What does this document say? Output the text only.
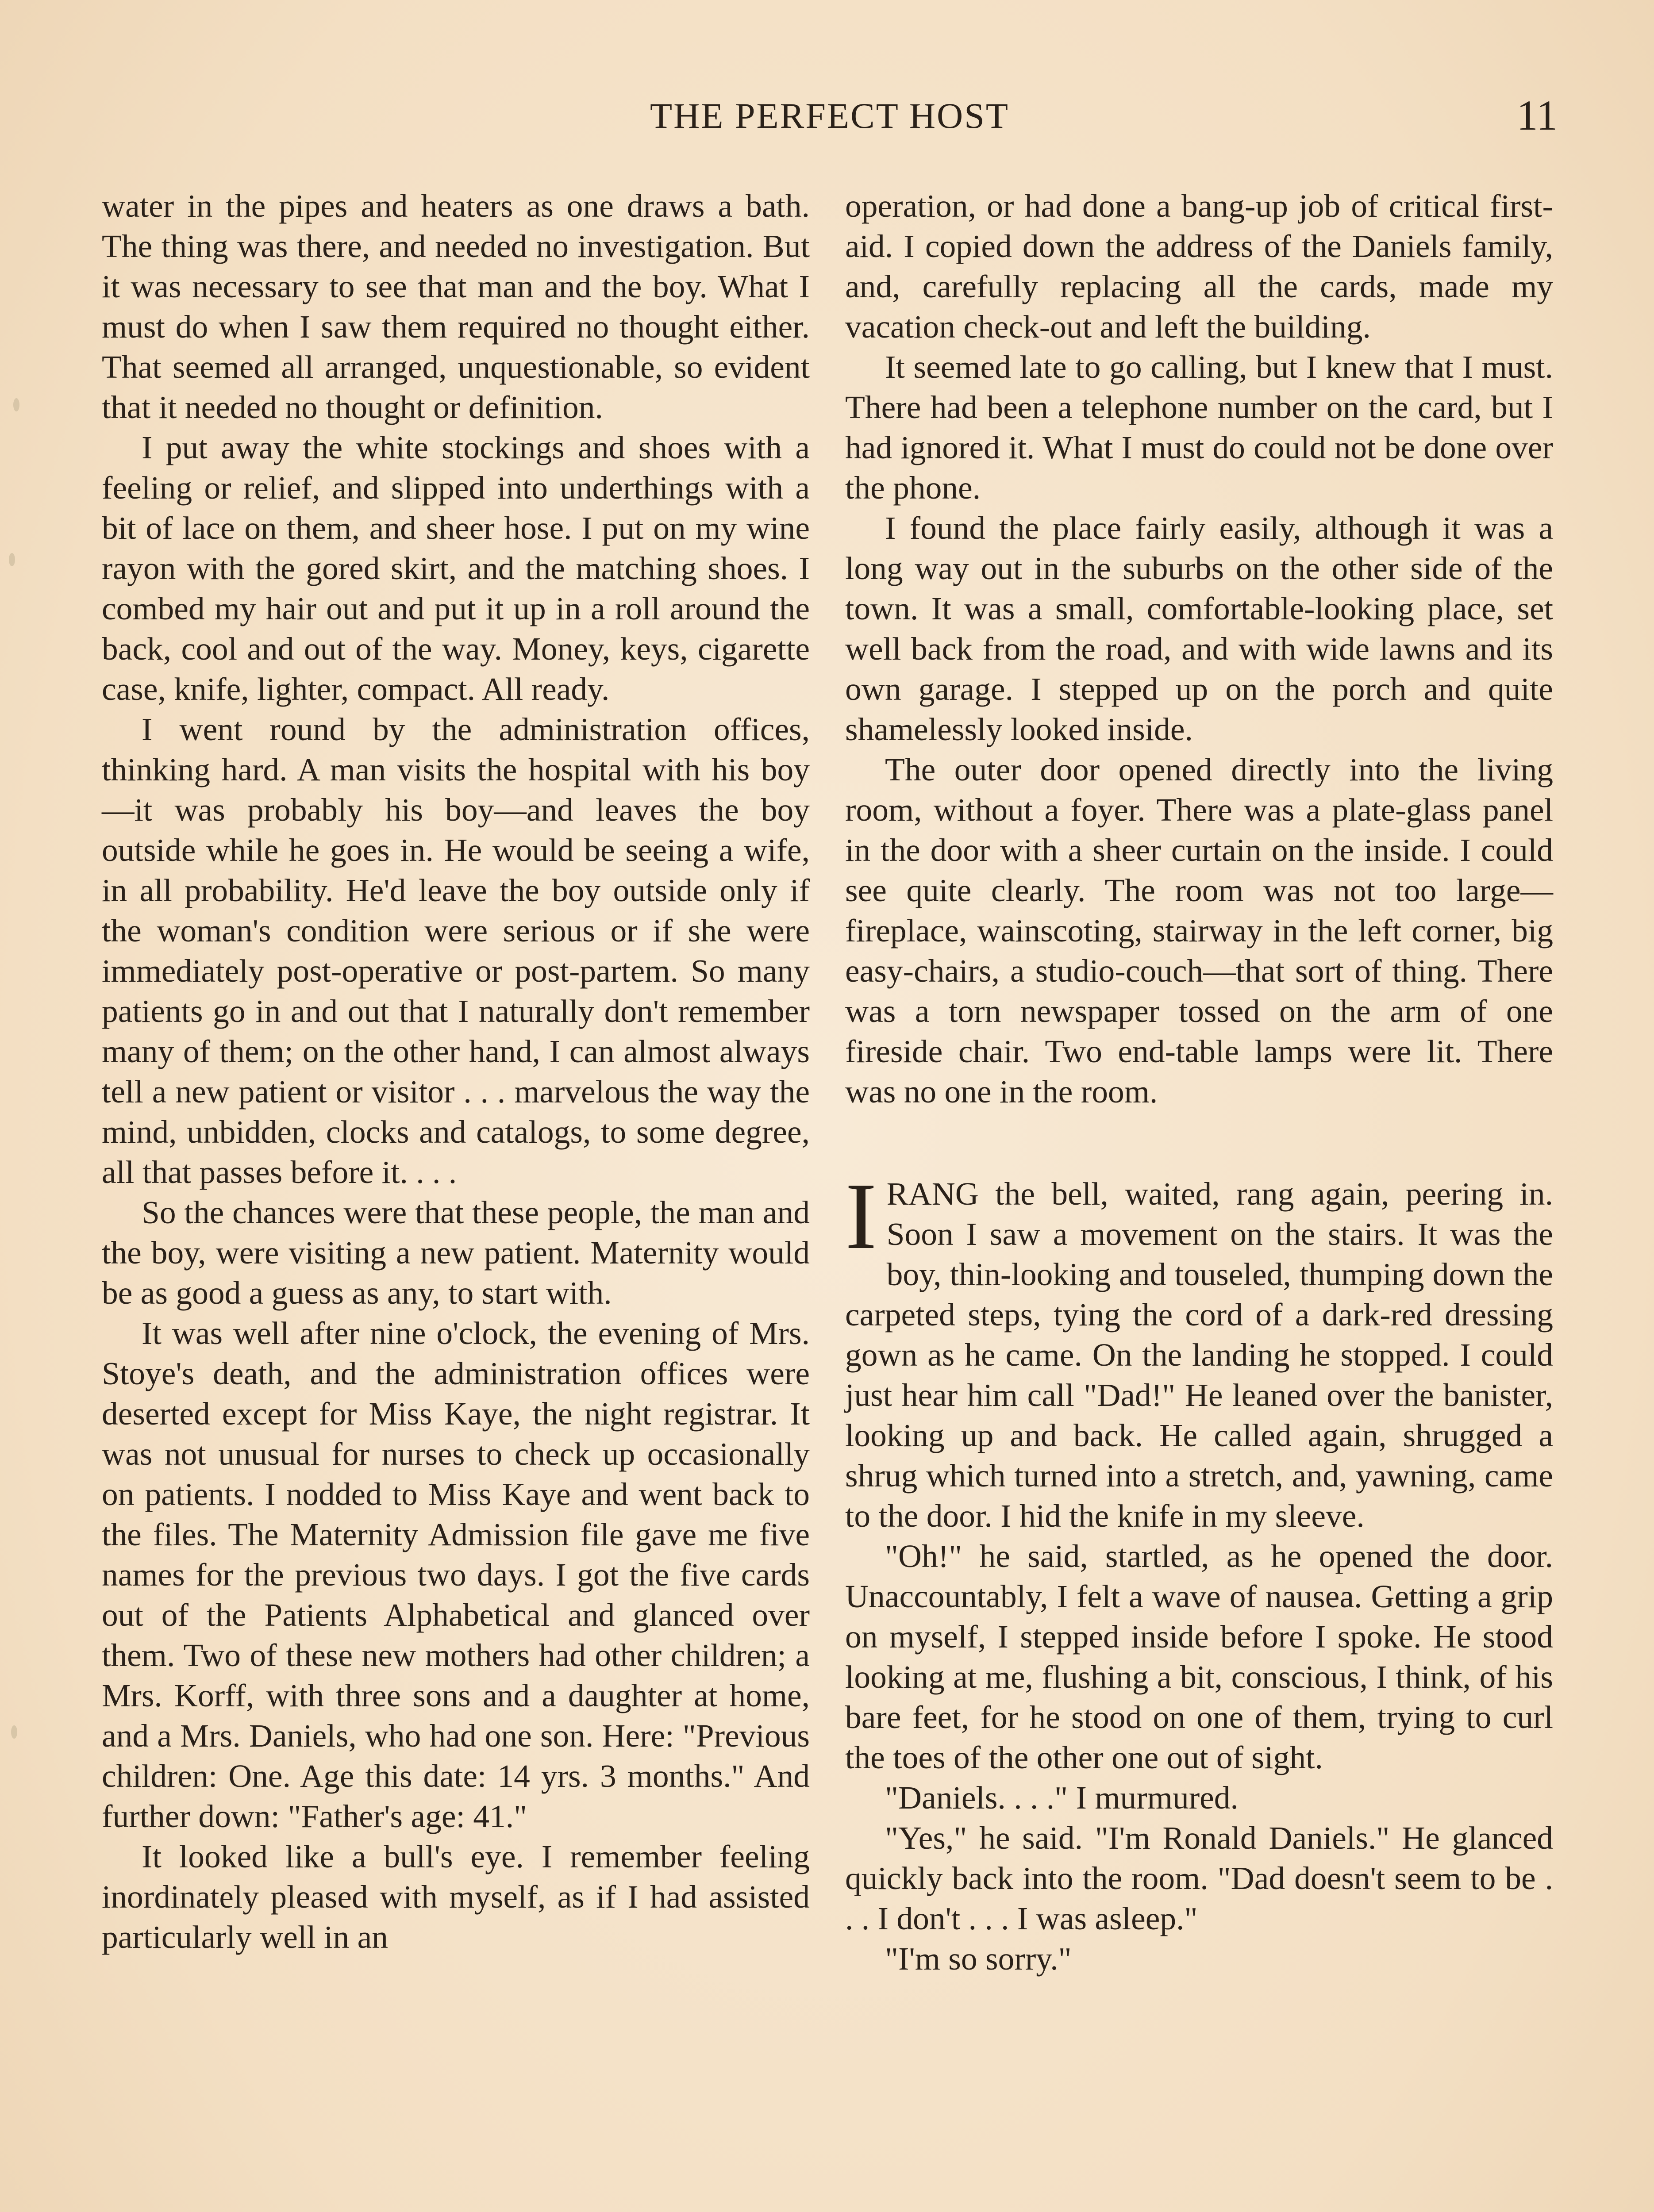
THE PERFECT HOST	11

water in the pipes and heaters as one draws a bath. The thing was there, and needed no investigation. But it was necessary to see that man and the boy. What I must do when I saw them required no thought either. That seemed all arranged, unquestionable, so evident that it needed no thought or definition.

I put away the white stockings and shoes with a feeling or relief, and slipped into underthings with a bit of lace on them, and sheer hose. I put on my wine rayon with the gored skirt, and the matching shoes. I combed my hair out and put it up in a roll around the back, cool and out of the way. Money, keys, cigarette case, knife, lighter, compact. All ready.

I went round by the administration offices, thinking hard. A man visits the hospital with his boy—it was probably his boy—and leaves the boy outside while he goes in. He would be seeing a wife, in all probability. He'd leave the boy outside only if the woman's condition were serious or if she were immediately post-operative or post-partem. So many patients go in and out that I naturally don't remember many of them; on the other hand, I can almost always tell a new patient or visitor . . . marvelous the way the mind, unbidden, clocks and catalogs, to some degree, all that passes before it. . . .

So the chances were that these people, the man and the boy, were visiting a new patient. Maternity would be as good a guess as any, to start with.

It was well after nine o'clock, the evening of Mrs. Stoye's death, and the administration offices were deserted except for Miss Kaye, the night registrar. It was not unusual for nurses to check up occasionally on patients. I nodded to Miss Kaye and went back to the files. The Maternity Admission file gave me five names for the previous two days. I got the five cards out of the Patients Alphabetical and glanced over them. Two of these new mothers had other children; a Mrs. Korff, with three sons and a daughter at home, and a Mrs. Daniels, who had one son. Here: "Previous children: One. Age this date: 14 yrs. 3 months." And further down: "Father's age: 41."

It looked like a bull's eye. I remember feeling inordinately pleased with myself, as if I had assisted particularly well in an

operation, or had done a bang-up job of critical first-aid. I copied down the address of the Daniels family, and, carefully replacing all the cards, made my vacation check-out and left the building.

It seemed late to go calling, but I knew that I must. There had been a telephone number on the card, but I had ignored it. What I must do could not be done over the phone.

I found the place fairly easily, although it was a long way out in the suburbs on the other side of the town. It was a small, comfortable-looking place, set well back from the road, and with wide lawns and its own garage. I stepped up on the porch and quite shamelessly looked inside.

The outer door opened directly into the living room, without a foyer. There was a plate-glass panel in the door with a sheer curtain on the inside. I could see quite clearly. The room was not too large—fireplace, wainscoting, stairway in the left corner, big easy-chairs, a studio-couch—that sort of thing. There was a torn newspaper tossed on the arm of one fireside chair. Two end-table lamps were lit. There was no one in the room.

IRANG the bell, waited, rang again, peering in. Soon I saw a movement on the stairs. It was the boy, thin-looking and touseled, thumping down the carpeted steps, tying the cord of a dark-red dressing gown as he came. On the landing he stopped. I could just hear him call "Dad!" He leaned over the banister, looking up and back. He called again, shrugged a shrug which turned into a stretch, and, yawning, came to the door. I hid the knife in my sleeve.

"Oh!" he said, startled, as he opened the door. Unaccountably, I felt a wave of nausea. Getting a grip on myself, I stepped inside before I spoke. He stood looking at me, flushing a bit, conscious, I think, of his bare feet, for he stood on one of them, trying to curl the toes of the other one out of sight.

"Daniels. . . ." I murmured.

"Yes," he said. "I'm Ronald Daniels." He glanced quickly back into the room. "Dad doesn't seem to be . . . I don't . . . I was asleep."

"I'm so sorry."
